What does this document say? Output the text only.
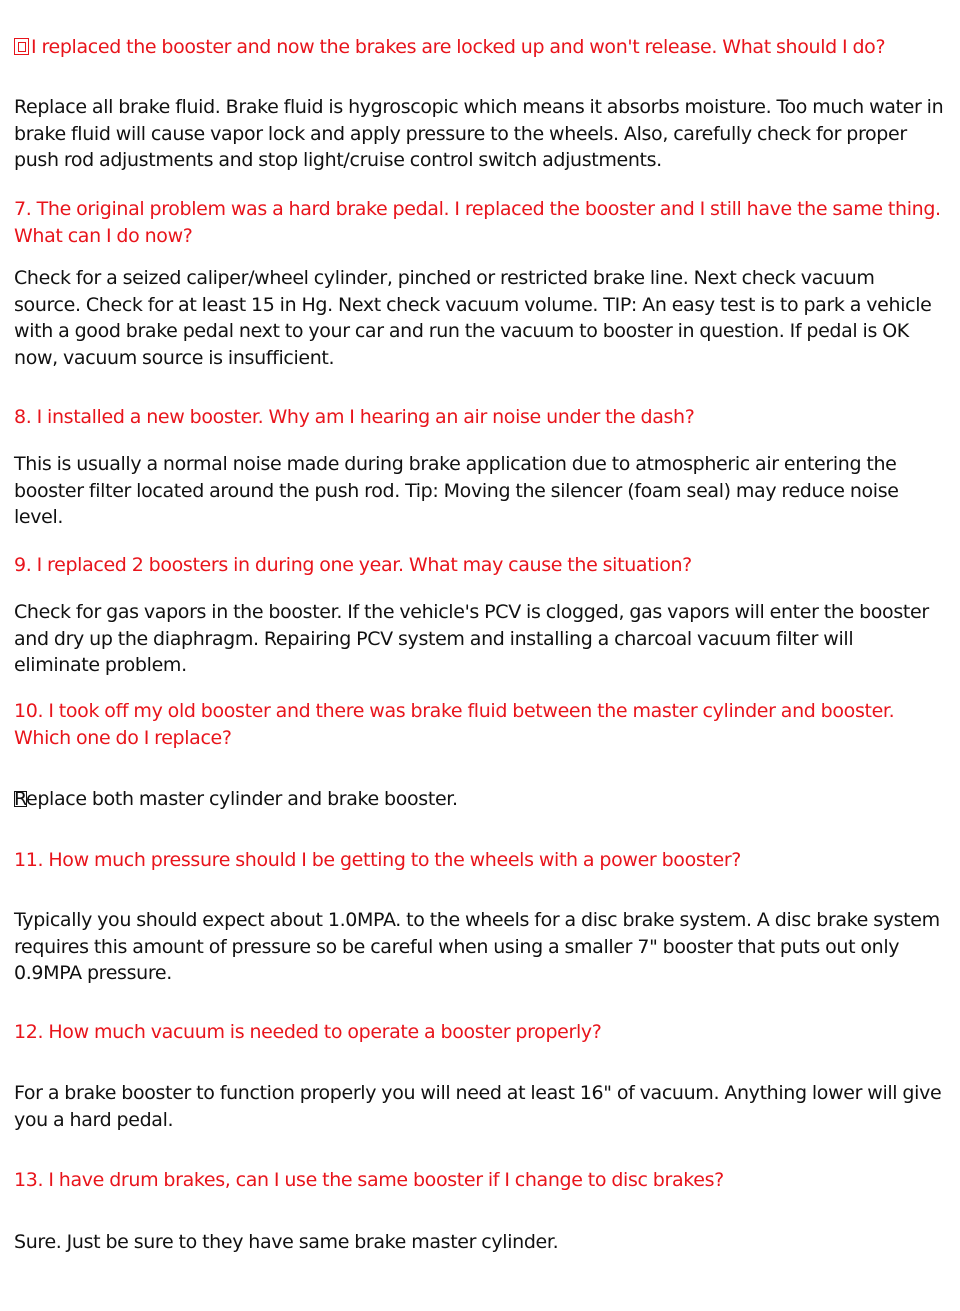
I replaced the booster and now the brakes are locked up and won't release. What should I do?

Replace all brake fluid. Brake fluid is hygroscopic which means it absorbs moisture. Too much water in brake fluid will cause vapor lock and apply pressure to the wheels. Also, carefully check for proper push rod adjustments and stop light/cruise control switch adjustments.

7. The original problem was a hard brake pedal. I replaced the booster and I still have the same thing. What can I do now?

Check for a seized caliper/wheel cylinder, pinched or restricted brake line. Next check vacuum source. Check for at least 15 in Hg. Next check vacuum volume. TIP: An easy test is to park a vehicle with a good brake pedal next to your car and run the vacuum to booster in question. If pedal is OK now, vacuum source is insufficient.

8. I installed a new booster. Why am I hearing an air noise under the dash?

This is usually a normal noise made during brake application due to atmospheric air entering the booster filter located around the push rod. Tip: Moving the silencer (foam seal) may reduce noise level.

9. I replaced 2 boosters in during one year. What may cause the situation?

Check for gas vapors in the booster. If the vehicle's PCV is clogged, gas vapors will enter the booster and dry up the diaphragm. Repairing PCV system and installing a charcoal vacuum filter will eliminate problem.

10. I took off my old booster and there was brake fluid between the master cylinder and booster. Which one do I replace?

Replace both master cylinder and brake booster.

11. How much pressure should I be getting to the wheels with a power booster?

Typically you should expect about 1.0MPA. to the wheels for a disc brake system. A disc brake system requires this amount of pressure so be careful when using a smaller 7" booster that puts out only 0.9MPA pressure.

12. How much vacuum is needed to operate a booster properly?

For a brake booster to function properly you will need at least 16" of vacuum. Anything lower will give you a hard pedal.

13. I have drum brakes, can I use the same booster if I change to disc brakes?

Sure. Just be sure to they have same brake master cylinder.
